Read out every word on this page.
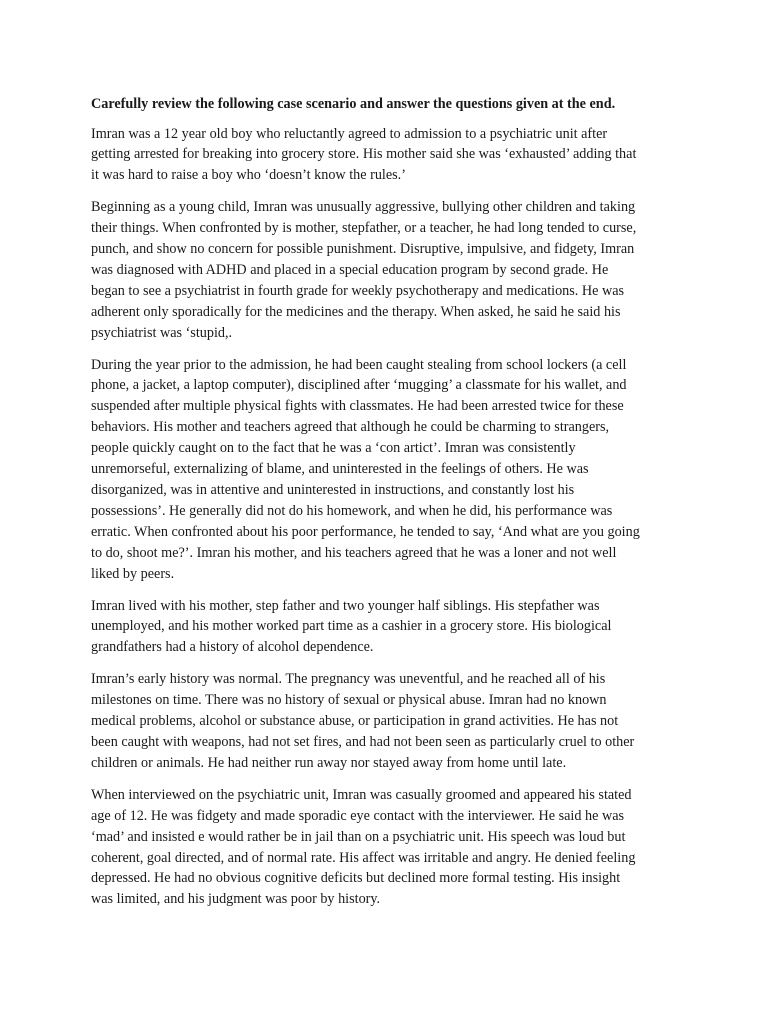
Carefully review the following case scenario and answer the questions given at the end.
Imran was a 12 year old boy who reluctantly agreed to admission to a psychiatric unit after
getting arrested for breaking into grocery store. His mother said she was ‘exhausted’ adding that
it was hard to raise a boy who ‘doesn’t know the rules.’
Beginning as a young child, Imran was unusually aggressive, bullying other children and taking
their things. When confronted by is mother, stepfather, or a teacher, he had long tended to curse,
punch, and show no concern for possible punishment. Disruptive, impulsive, and fidgety, Imran
was diagnosed with ADHD and placed in a special education program by second grade. He
began to see a psychiatrist in fourth grade for weekly psychotherapy and medications. He was
adherent only sporadically for the medicines and the therapy. When asked, he said he said his
psychiatrist was ‘stupid,.
During the year prior to the admission, he had been caught stealing from school lockers (a cell
phone, a jacket, a laptop computer), disciplined after ‘mugging’ a classmate for his wallet, and
suspended after multiple physical fights with classmates. He had been arrested twice for these
behaviors. His mother and teachers agreed that although he could be charming to strangers,
people quickly caught on to the fact that he was a ‘con artict’. Imran was consistently
unremorseful, externalizing of blame, and uninterested in the feelings of others. He was
disorganized, was in attentive and uninterested in instructions, and constantly lost his
possessions’. He generally did not do his homework, and when he did, his performance was
erratic. When confronted about his poor performance, he tended to say, ‘And what are you going
to do, shoot me?’. Imran his mother, and his teachers agreed that he was a loner and not well
liked by peers.
Imran lived with his mother, step father and two younger half siblings. His stepfather was
unemployed, and his mother worked part time as a cashier in a grocery store. His biological
grandfathers had a history of alcohol dependence.
Imran’s early history was normal. The pregnancy was uneventful, and he reached all of his
milestones on time. There was no history of sexual or physical abuse. Imran had no known
medical problems, alcohol or substance abuse, or participation in grand activities. He has not
been caught with weapons, had not set fires, and had not been seen as particularly cruel to other
children or animals. He had neither run away nor stayed away from home until late.
When interviewed on the psychiatric unit, Imran was casually groomed and appeared his stated
age of 12. He was fidgety and made sporadic eye contact with the interviewer. He said he was
‘mad’ and insisted e would rather be in jail than on a psychiatric unit. His speech was loud but
coherent, goal directed, and of normal rate. His affect was irritable and angry. He denied feeling
depressed. He had no obvious cognitive deficits but declined more formal testing. His insight
was limited, and his judgment was poor by history.
